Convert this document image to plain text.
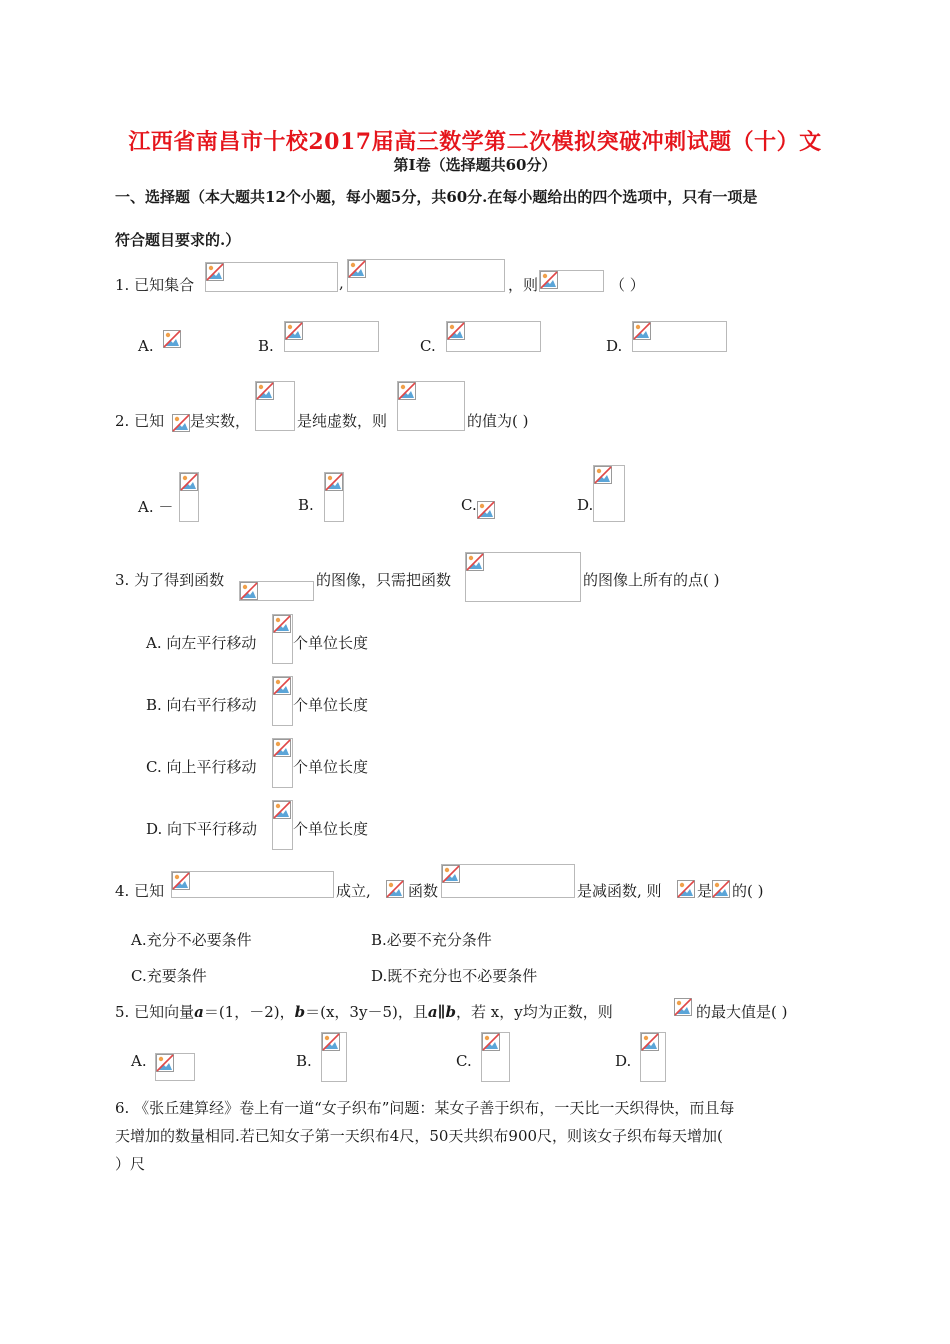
江西省南昌市十校2017届高三数学第二次模拟突破冲刺试题（十）文
第Ⅰ卷（选择题共60分）
一、选择题（本大题共12个小题，每小题5分，共60分.在每小题给出的四个选项中，只有一项是
符合题目要求的.）
1. 已知集合	,	，则	（ ）
A.	B.	C.	D.
2. 已知 是实数，	是纯虚数，则	的值为( )
A. －	B.	C.	D.
3. 为了得到函数	的图像，只需把函数	的图像上所有的点( )
A. 向左平行移动 个单位长度
B. 向右平行移动 个单位长度
C. 向上平行移动 个单位长度
D. 向下平行移动 个单位长度
4. 已知	成立, 函数	是减函数, 则 是 的( )
A.充分不必要条件	B.必要不充分条件
C.充要条件	D.既不充分也不必要条件
5. 已知向量a＝(1，－2)，b＝(x，3y－5)，且a∥b，若 x，y均为正数，则	的最大值是( )
A.	B.	C.	D.
6. 《张丘建算经》卷上有一道“女子织布”问题：某女子善于织布，一天比一天织得快，而且每
天增加的数量相同.若已知女子第一天织布4尺，50天共织布900尺，则该女子织布每天增加(
）尺
